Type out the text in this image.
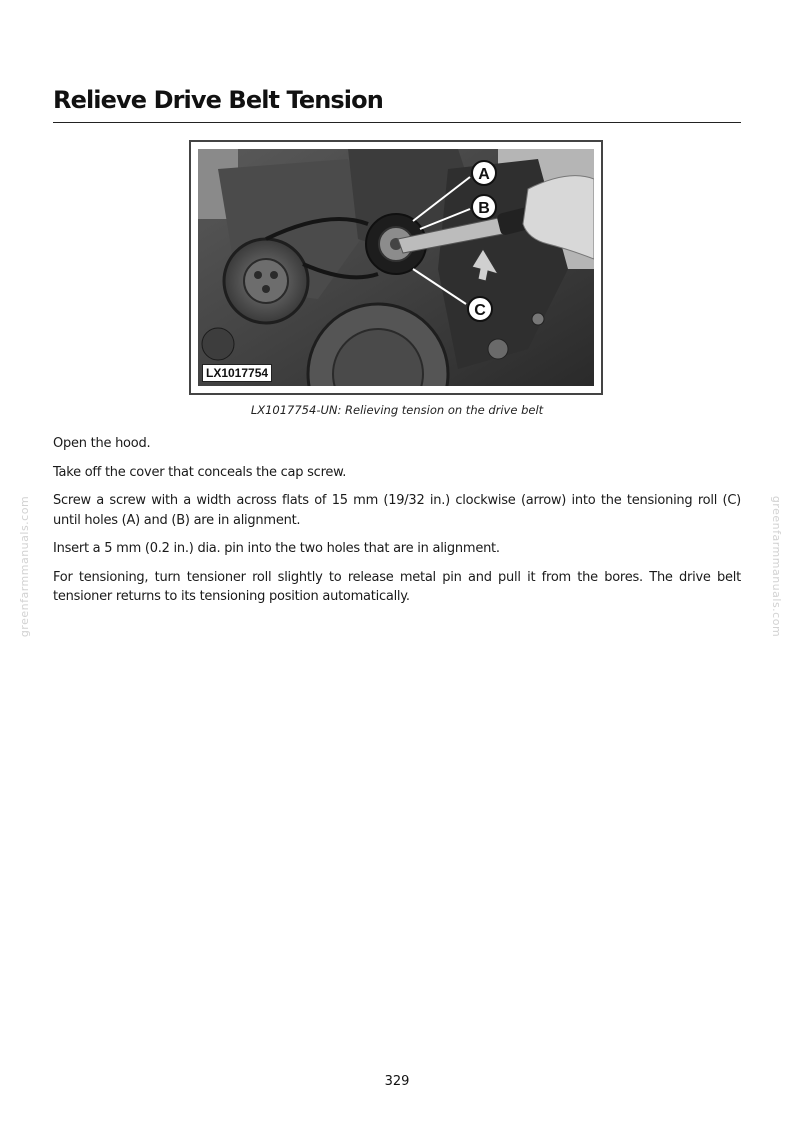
Relieve Drive Belt Tension
A
B
C
LX1017754
LX1017754-UN: Relieving tension on the drive belt

Open the hood.

Take off the cover that conceals the cap screw.

Screw a screw with a width across flats of 15 mm (19/32 in.) clockwise (arrow) into the tensioning roll (C) until holes (A) and (B) are in alignment.

Insert a 5 mm (0.2 in.) dia. pin into the two holes that are in alignment.

For tensioning, turn tensioner roll slightly to release metal pin and pull it from the bores. The drive belt tensioner returns to its tensioning position automatically.

greenfarmmanuals.com	greenfarmmanuals.com
329
